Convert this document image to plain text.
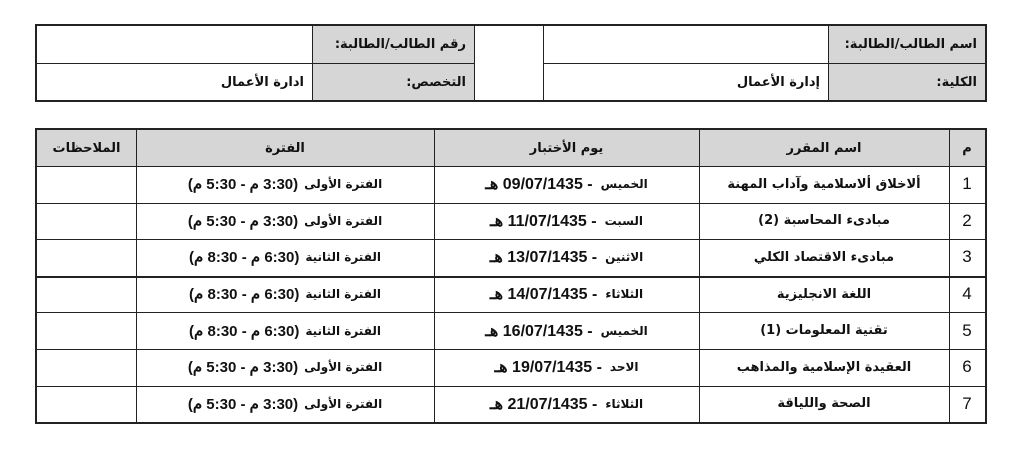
اسم الطالب/الطالبة:
الكلية:
إدارة الأعمال
رقم الطالب/الطالبة:
التخصص:
ادارة الأعمال
م
اسم المقرر
يوم الأختبار
الفترة
الملاحظات
1
ألاخلاق ألاسلامية وآداب المهنة
الخميس
- 09/07/1435 هـ
الفترة الأولى
(3:30 م - 5:30 م)
2
مبادىء المحاسبة (2)
السبت
- 11/07/1435 هـ
الفترة الأولى
(3:30 م - 5:30 م)
3
مبادىء الاقتصاد الكلي
الاثنين
- 13/07/1435 هـ
الفترة الثانية
(6:30 م - 8:30 م)
4
اللغة الانجليزية
الثلاثاء
- 14/07/1435 هـ
الفترة الثانية
(6:30 م - 8:30 م)
5
تقنية المعلومات (1)
الخميس
- 16/07/1435 هـ
الفترة الثانية
(6:30 م - 8:30 م)
6
العقيدة الإسلامية والمذاهب
الاحد
- 19/07/1435 هـ
الفترة الأولى
(3:30 م - 5:30 م)
7
الصحة واللياقة
الثلاثاء
- 21/07/1435 هـ
الفترة الأولى
(3:30 م - 5:30 م)
